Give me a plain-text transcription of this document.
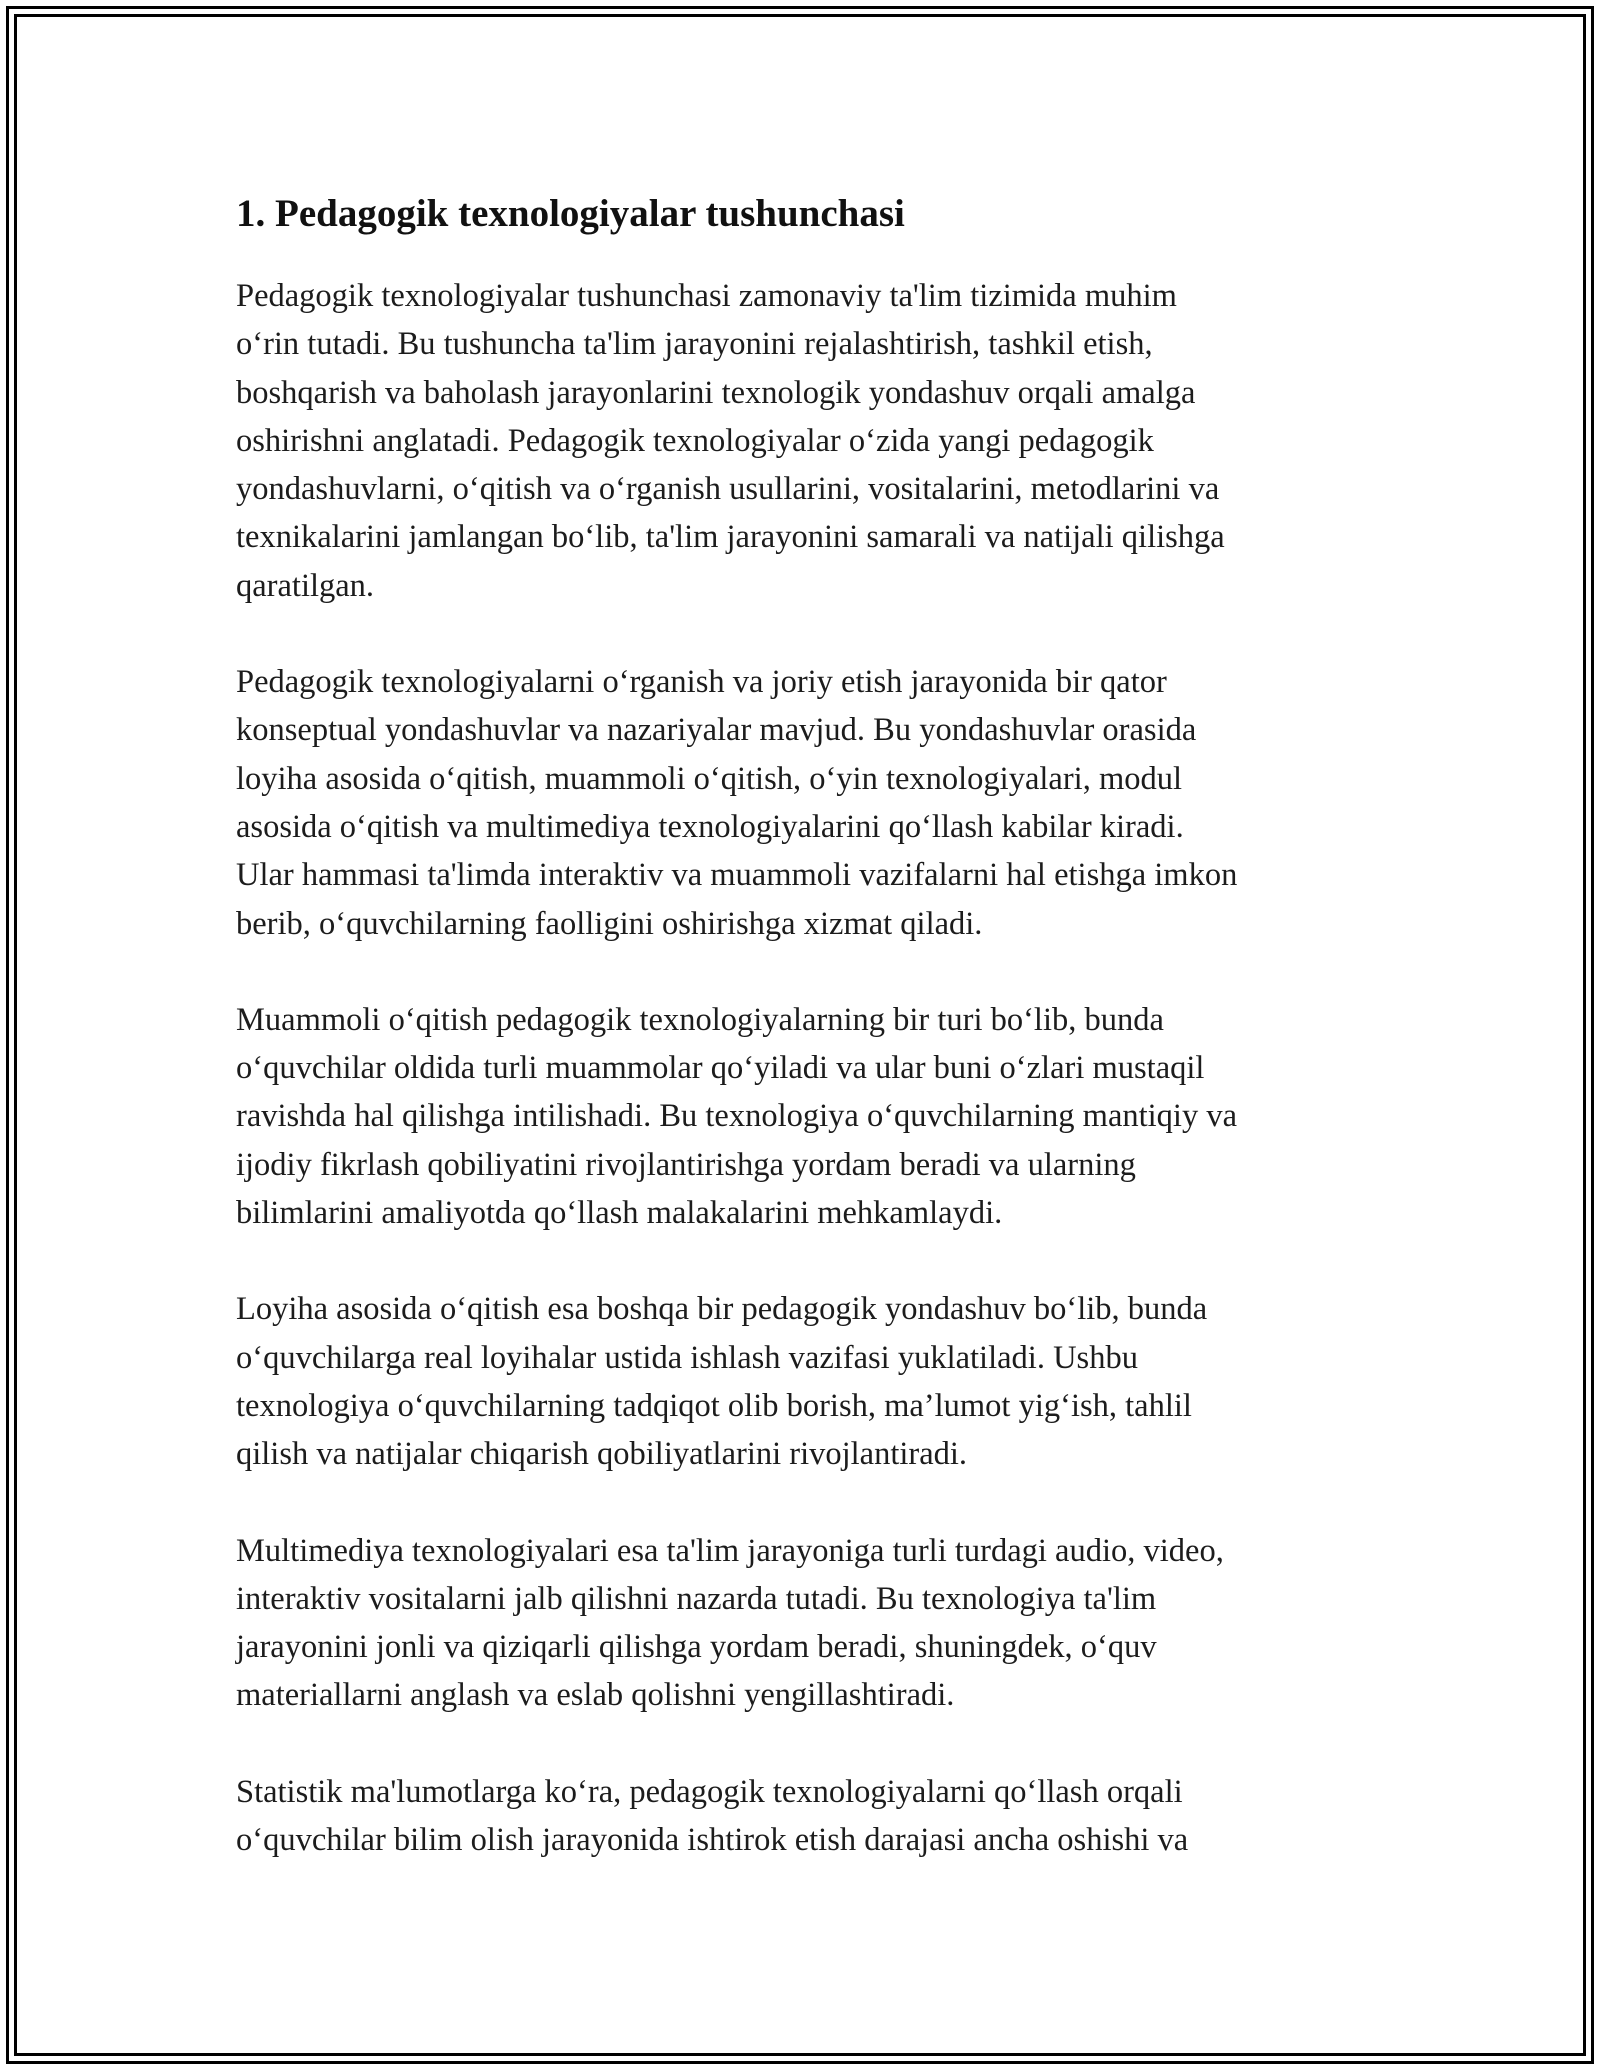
1. Pedagogik texnologiyalar tushunchasi

Pedagogik texnologiyalar tushunchasi zamonaviy ta'lim tizimida muhim
o‘rin tutadi. Bu tushuncha ta'lim jarayonini rejalashtirish, tashkil etish,
boshqarish va baholash jarayonlarini texnologik yondashuv orqali amalga
oshirishni anglatadi. Pedagogik texnologiyalar o‘zida yangi pedagogik
yondashuvlarni, o‘qitish va o‘rganish usullarini, vositalarini, metodlarini va
texnikalarini jamlangan bo‘lib, ta'lim jarayonini samarali va natijali qilishga
qaratilgan.

Pedagogik texnologiyalarni o‘rganish va joriy etish jarayonida bir qator
konseptual yondashuvlar va nazariyalar mavjud. Bu yondashuvlar orasida
loyiha asosida o‘qitish, muammoli o‘qitish, o‘yin texnologiyalari, modul
asosida o‘qitish va multimediya texnologiyalarini qo‘llash kabilar kiradi.
Ular hammasi ta'limda interaktiv va muammoli vazifalarni hal etishga imkon
berib, o‘quvchilarning faolligini oshirishga xizmat qiladi.

Muammoli o‘qitish pedagogik texnologiyalarning bir turi bo‘lib, bunda
o‘quvchilar oldida turli muammolar qo‘yiladi va ular buni o‘zlari mustaqil
ravishda hal qilishga intilishadi. Bu texnologiya o‘quvchilarning mantiqiy va
ijodiy fikrlash qobiliyatini rivojlantirishga yordam beradi va ularning
bilimlarini amaliyotda qo‘llash malakalarini mehkamlaydi.

Loyiha asosida o‘qitish esa boshqa bir pedagogik yondashuv bo‘lib, bunda
o‘quvchilarga real loyihalar ustida ishlash vazifasi yuklatiladi. Ushbu
texnologiya o‘quvchilarning tadqiqot olib borish, ma’lumot yig‘ish, tahlil
qilish va natijalar chiqarish qobiliyatlarini rivojlantiradi.

Multimediya texnologiyalari esa ta'lim jarayoniga turli turdagi audio, video,
interaktiv vositalarni jalb qilishni nazarda tutadi. Bu texnologiya ta'lim
jarayonini jonli va qiziqarli qilishga yordam beradi, shuningdek, o‘quv
materiallarni anglash va eslab qolishni yengillashtiradi.

Statistik ma'lumotlarga ko‘ra, pedagogik texnologiyalarni qo‘llash orqali
o‘quvchilar bilim olish jarayonida ishtirok etish darajasi ancha oshishi va
